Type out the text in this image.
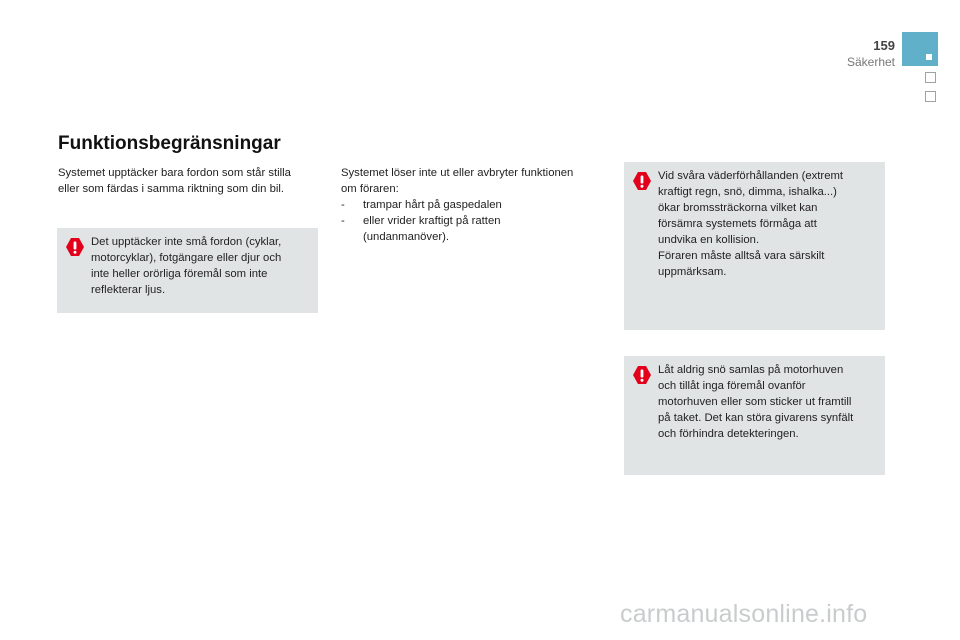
159
Säkerhet
Funktionsbegränsningar
Systemet upptäcker bara fordon som står stilla
eller som färdas i samma riktning som din bil.
Det upptäcker inte små fordon (cyklar,
motorcyklar), fotgängare eller djur och
inte heller orörliga föremål som inte
reflekterar ljus.
Systemet löser inte ut eller avbryter funktionen
om föraren:
- trampar hårt på gaspedalen
- eller vrider kraftigt på ratten
(undanmanöver).
Vid svåra väderförhållanden (extremt
kraftigt regn, snö, dimma, ishalka...)
ökar bromssträckorna vilket kan
försämra systemets förmåga att
undvika en kollision.
Föraren måste alltså vara särskilt
uppmärksam.
Låt aldrig snö samlas på motorhuven
och tillåt inga föremål ovanför
motorhuven eller som sticker ut framtill
på taket. Det kan störa givarens synfält
och förhindra detekteringen.
carmanualsonline.info
